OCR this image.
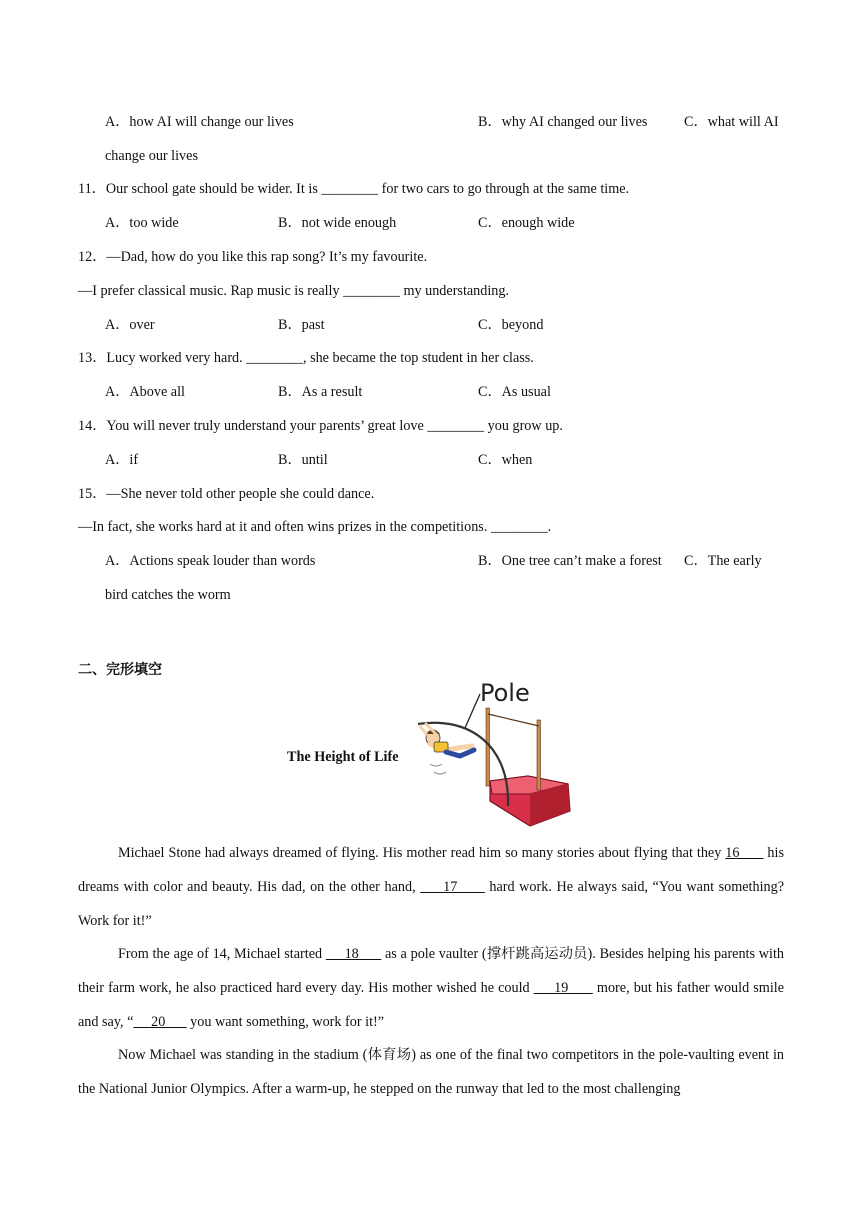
A．how AI will change our lives	B．why AI changed our lives	C．what will AI
change our lives
11．Our school gate should be wider. It is ________ for two cars to go through at the same time.
A．too wide	B．not wide enough	C．enough wide
12．—Dad, how do you like this rap song? It’s my favourite.
—I prefer classical music. Rap music is really ________ my understanding.
A．over	B．past	C．beyond
13．Lucy worked very hard. ________, she became the top student in her class.
A．Above all	B．As a result	C．As usual
14．You will never truly understand your parents’ great love ________ you grow up.
A．if	B．until	C．when
15．—She never told other people she could dance.
—In fact, she works hard at it and often wins prizes in the competitions. ________.
A．Actions speak louder than words	B．One tree can’t make a forest C．The early
bird catches the worm
二、完形填空
The Height of Life
Pole

Michael Stone had always dreamed of flying. His mother read him so many stories about flying that they 16       his dreams with color and beauty. His dad, on the other hand,      17       hard work. He always said, “You want something? Work for it!”

From the age of 14, Michael started      18       as a pole vaulter (撑杆跳高运动员). Besides helping his parents with their farm work, he also practiced hard every day. His mother wished he could      19       more, but his father would smile and say, “     20       you want something, work for it!”

Now Michael was standing in the stadium (体育场) as one of the final two competitors in the pole-vaulting event in the National Junior Olympics. After a warm-up, he stepped on the runway that led to the most challenging
